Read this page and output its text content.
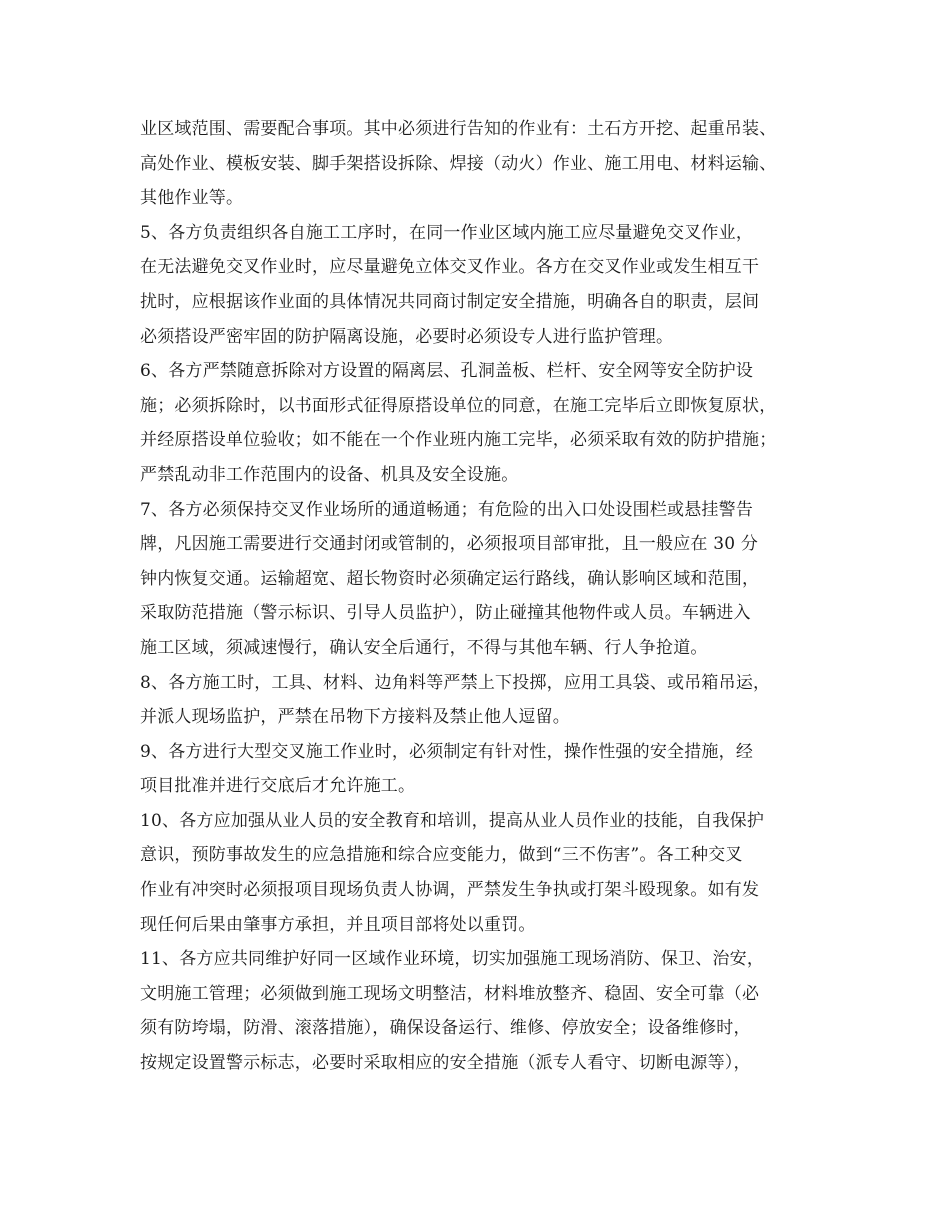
业区域范围、需要配合事项。其中必须进行告知的作业有：土石方开挖、起重吊装、
高处作业、模板安装、脚手架搭设拆除、焊接（动火）作业、施工用电、材料运输、
其他作业等。
5、各方负责组织各自施工工序时，在同一作业区域内施工应尽量避免交叉作业，
在无法避免交叉作业时，应尽量避免立体交叉作业。各方在交叉作业或发生相互干
扰时，应根据该作业面的具体情况共同商讨制定安全措施，明确各自的职责，层间
必须搭设严密牢固的防护隔离设施，必要时必须设专人进行监护管理。
6、各方严禁随意拆除对方设置的隔离层、孔洞盖板、栏杆、安全网等安全防护设
施；必须拆除时，以书面形式征得原搭设单位的同意，在施工完毕后立即恢复原状，
并经原搭设单位验收；如不能在一个作业班内施工完毕，必须采取有效的防护措施；
严禁乱动非工作范围内的设备、机具及安全设施。
7、各方必须保持交叉作业场所的通道畅通；有危险的出入口处设围栏或悬挂警告
牌，凡因施工需要进行交通封闭或管制的，必须报项目部审批，且一般应在 30 分
钟内恢复交通。运输超宽、超长物资时必须确定运行路线，确认影响区域和范围，
采取防范措施（警示标识、引导人员监护），防止碰撞其他物件或人员。车辆进入
施工区域，须减速慢行，确认安全后通行，不得与其他车辆、行人争抢道。
8、各方施工时，工具、材料、边角料等严禁上下投掷，应用工具袋、或吊箱吊运，
并派人现场监护，严禁在吊物下方接料及禁止他人逗留。
9、各方进行大型交叉施工作业时，必须制定有针对性，操作性强的安全措施，经
项目批准并进行交底后才允许施工。
10、各方应加强从业人员的安全教育和培训，提高从业人员作业的技能，自我保护
意识，预防事故发生的应急措施和综合应变能力，做到“三不伤害”。各工种交叉
作业有冲突时必须报项目现场负责人协调，严禁发生争执或打架斗殴现象。如有发
现任何后果由肇事方承担，并且项目部将处以重罚。
11、各方应共同维护好同一区域作业环境，切实加强施工现场消防、保卫、治安，
文明施工管理；必须做到施工现场文明整洁，材料堆放整齐、稳固、安全可靠（必
须有防垮塌，防滑、滚落措施），确保设备运行、维修、停放安全；设备维修时，
按规定设置警示标志，必要时采取相应的安全措施（派专人看守、切断电源等），
